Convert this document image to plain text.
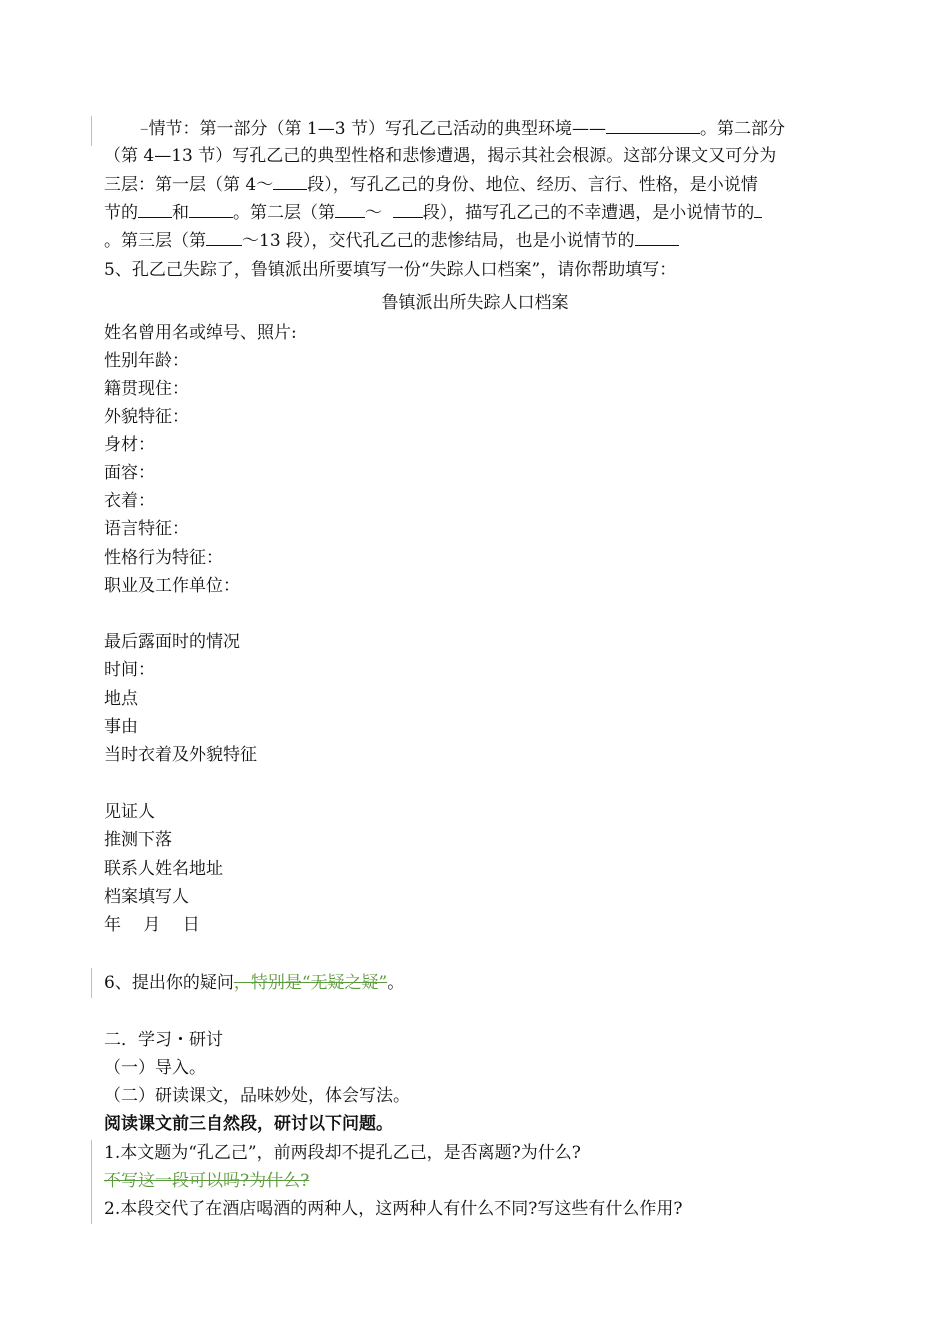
–情节：第一部分（第 1—3 节）写孔乙己活动的典型环境——	。第二部分
（第 4—13 节）写孔乙己的典型性格和悲惨遭遇，揭示其社会根源。这部分课文又可分为
三层：第一层（第 4～ 段），写孔乙己的身份、地位、经历、言行、性格，是小说情
节的 和	。第二层（第 ～ 段），描写孔乙己的不幸遭遇，是小说情节的
。第三层（第 ～13 段），交代孔乙己的悲惨结局，也是小说情节的
5、孔乙己失踪了，鲁镇派出所要填写一份“失踪人口档案”，请你帮助填写：
鲁镇派出所失踪人口档案
姓名曾用名或绰号、照片:
性别年龄：
籍贯现住：
外貌特征：
身材：
面容：
衣着：
语言特征：
性格行为特征：
职业及工作单位：
最后露面时的情况
时间：
地点
事由
当时衣着及外貌特征
见证人
推测下落
联系人姓名地址
档案填写人
年　 月　 日
6、提出你的疑问，特别是“无疑之疑”。
二．学习・研讨
（一）导入。
（二）研读课文，品味妙处，体会写法。
阅读课文前三自然段，研讨以下问题。
1.本文题为“孔乙己”，前两段却不提孔乙己，是否离题?为什么?
不写这一段可以吗?为什么?
2.本段交代了在酒店喝酒的两种人，这两种人有什么不同?写这些有什么作用?
